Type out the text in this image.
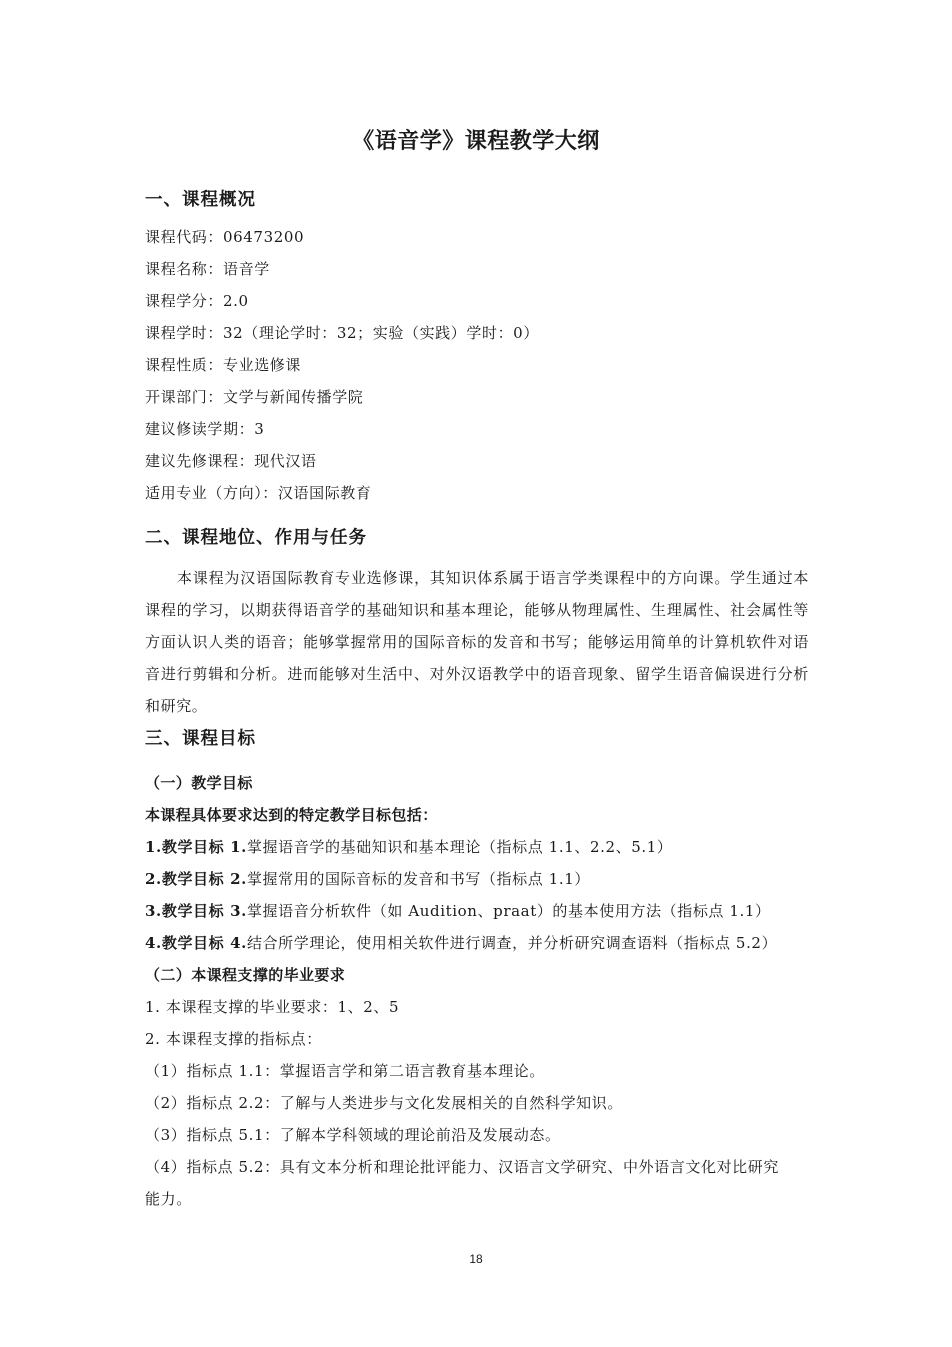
《语音学》课程教学大纲
一、课程概况
课程代码：06473200
课程名称：语音学
课程学分：2.0
课程学时：32（理论学时：32；实验（实践）学时：0）
课程性质：专业选修课
开课部门：文学与新闻传播学院
建议修读学期：3
建议先修课程：现代汉语
适用专业（方向）：汉语国际教育
二、课程地位、作用与任务
本课程为汉语国际教育专业选修课，其知识体系属于语言学类课程中的方向课。学生通过本课程的学习，以期获得语音学的基础知识和基本理论，能够从物理属性、生理属性、社会属性等方面认识人类的语音；能够掌握常用的国际音标的发音和书写；能够运用简单的计算机软件对语音进行剪辑和分析。进而能够对生活中、对外汉语教学中的语音现象、留学生语音偏误进行分析和研究。
三、课程目标
（一）教学目标
本课程具体要求达到的特定教学目标包括：
1.教学目标 1.掌握语音学的基础知识和基本理论（指标点 1.1、2.2、5.1）
2.教学目标 2.掌握常用的国际音标的发音和书写（指标点 1.1）
3.教学目标 3.掌握语音分析软件（如 Audition、praat）的基本使用方法（指标点 1.1）
4.教学目标 4.结合所学理论，使用相关软件进行调查，并分析研究调查语料（指标点 5.2）
（二）本课程支撑的毕业要求
1. 本课程支撑的毕业要求：1、2、5
2. 本课程支撑的指标点：
（1）指标点 1.1：掌握语言学和第二语言教育基本理论。
（2）指标点 2.2：了解与人类进步与文化发展相关的自然科学知识。
（3）指标点 5.1：了解本学科领域的理论前沿及发展动态。
（4）指标点 5.2：具有文本分析和理论批评能力、汉语言文学研究、中外语言文化对比研究
能力。
18
